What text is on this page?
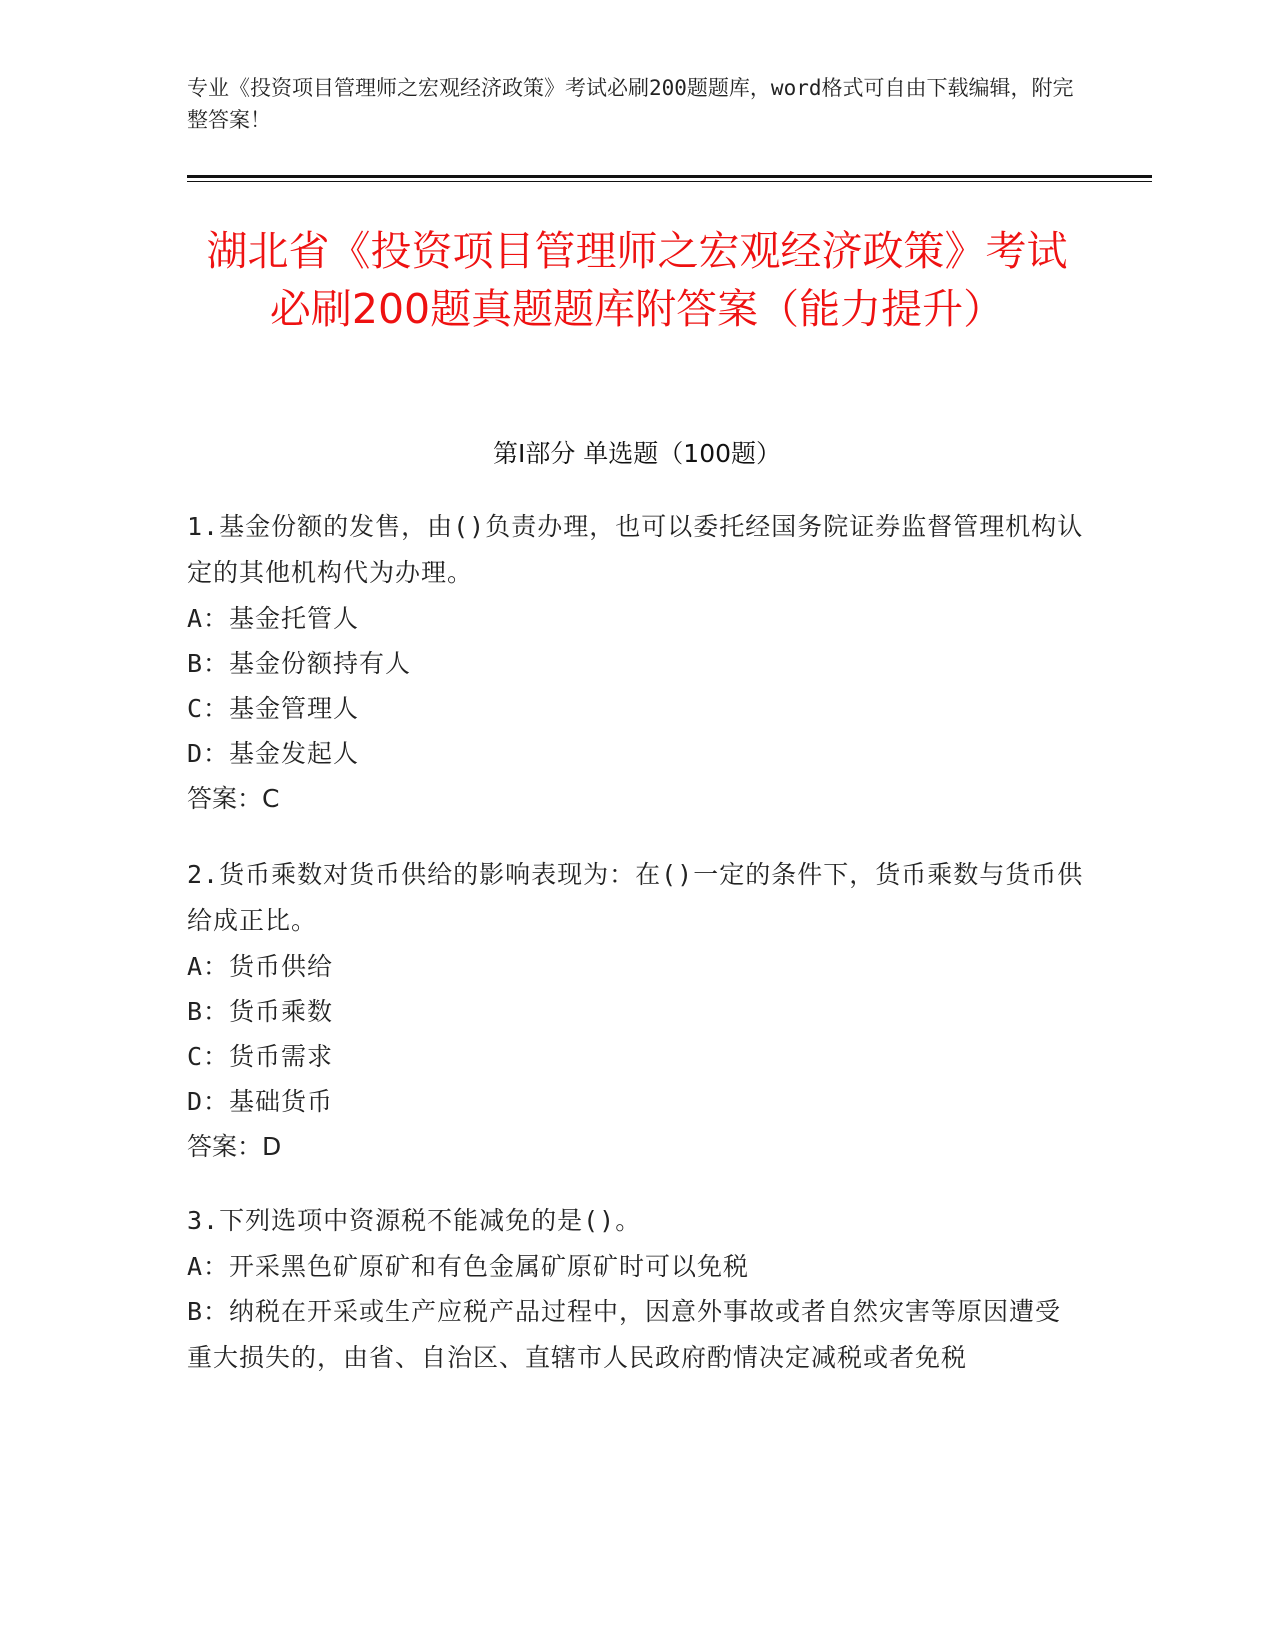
专业《投资项目管理师之宏观经济政策》考试必刷200题题库，word格式可自由下载编辑，附完整答案！
湖北省《投资项目管理师之宏观经济政策》考试必刷200题真题题库附答案（能力提升）
第Ⅰ部分 单选题（100题）

1.基金份额的发售，由()负责办理，也可以委托经国务院证券监督管理机构认定的其他机构代为办理。

A：基金托管人

B：基金份额持有人

C：基金管理人

D：基金发起人

答案：C

2.货币乘数对货币供给的影响表现为：在()一定的条件下，货币乘数与货币供给成正比。

A：货币供给

B：货币乘数

C：货币需求

D：基础货币

答案：D

3.下列选项中资源税不能减免的是()。

A：开采黑色矿原矿和有色金属矿原矿时可以免税

B：纳税在开采或生产应税产品过程中，因意外事故或者自然灾害等原因遭受重大损失的，由省、自治区、直辖市人民政府酌情决定减税或者免税
